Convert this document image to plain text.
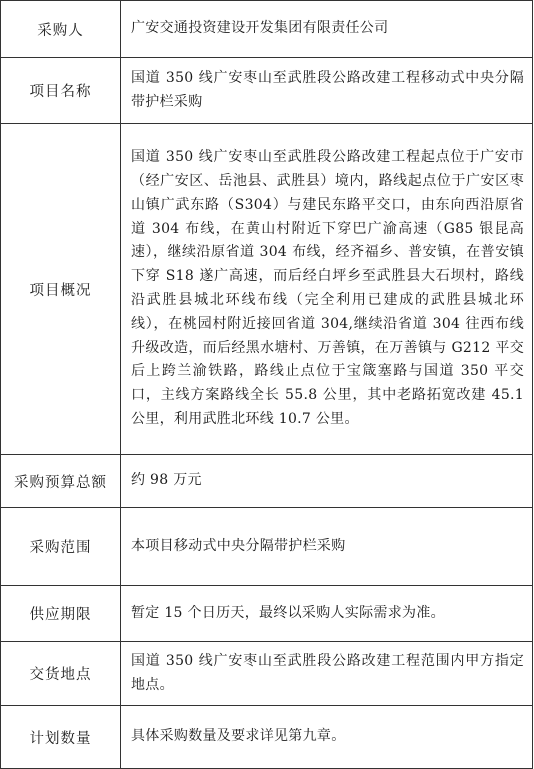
采购人	广安交通投资建设开发集团有限责任公司
项目名称	国道 350 线广安枣山至武胜段公路改建工程移动式中央分隔带护栏采购
项目概况	国道 350 线广安枣山至武胜段公路改建工程起点位于广安市（经广安区、岳池县、武胜县）境内，路线起点位于广安区枣山镇广武东路（S304）与建民东路平交口，由东向西沿原省道 304 布线，在黄山村附近下穿巴广渝高速（G85 银昆高速），继续沿原省道 304 布线，经齐福乡、普安镇，在普安镇下穿 S18 遂广高速，而后经白坪乡至武胜县大石坝村，路线沿武胜县城北环线布线（完全利用已建成的武胜县城北环线），在桃园村附近接回省道 304,继续沿省道 304 往西布线升级改造，而后经黑水塘村、万善镇，在万善镇与 G212 平交后上跨兰渝铁路，路线止点位于宝箴塞路与国道 350 平交口，主线方案路线全长 55.8 公里，其中老路拓宽改建 45.1 公里，利用武胜北环线 10.7 公里。
采购预算总额	约 98 万元
采购范围	本项目移动式中央分隔带护栏采购
供应期限	暂定 15 个日历天，最终以采购人实际需求为准。
交货地点	国道 350 线广安枣山至武胜段公路改建工程范围内甲方指定地点。
计划数量	具体采购数量及要求详见第九章。
